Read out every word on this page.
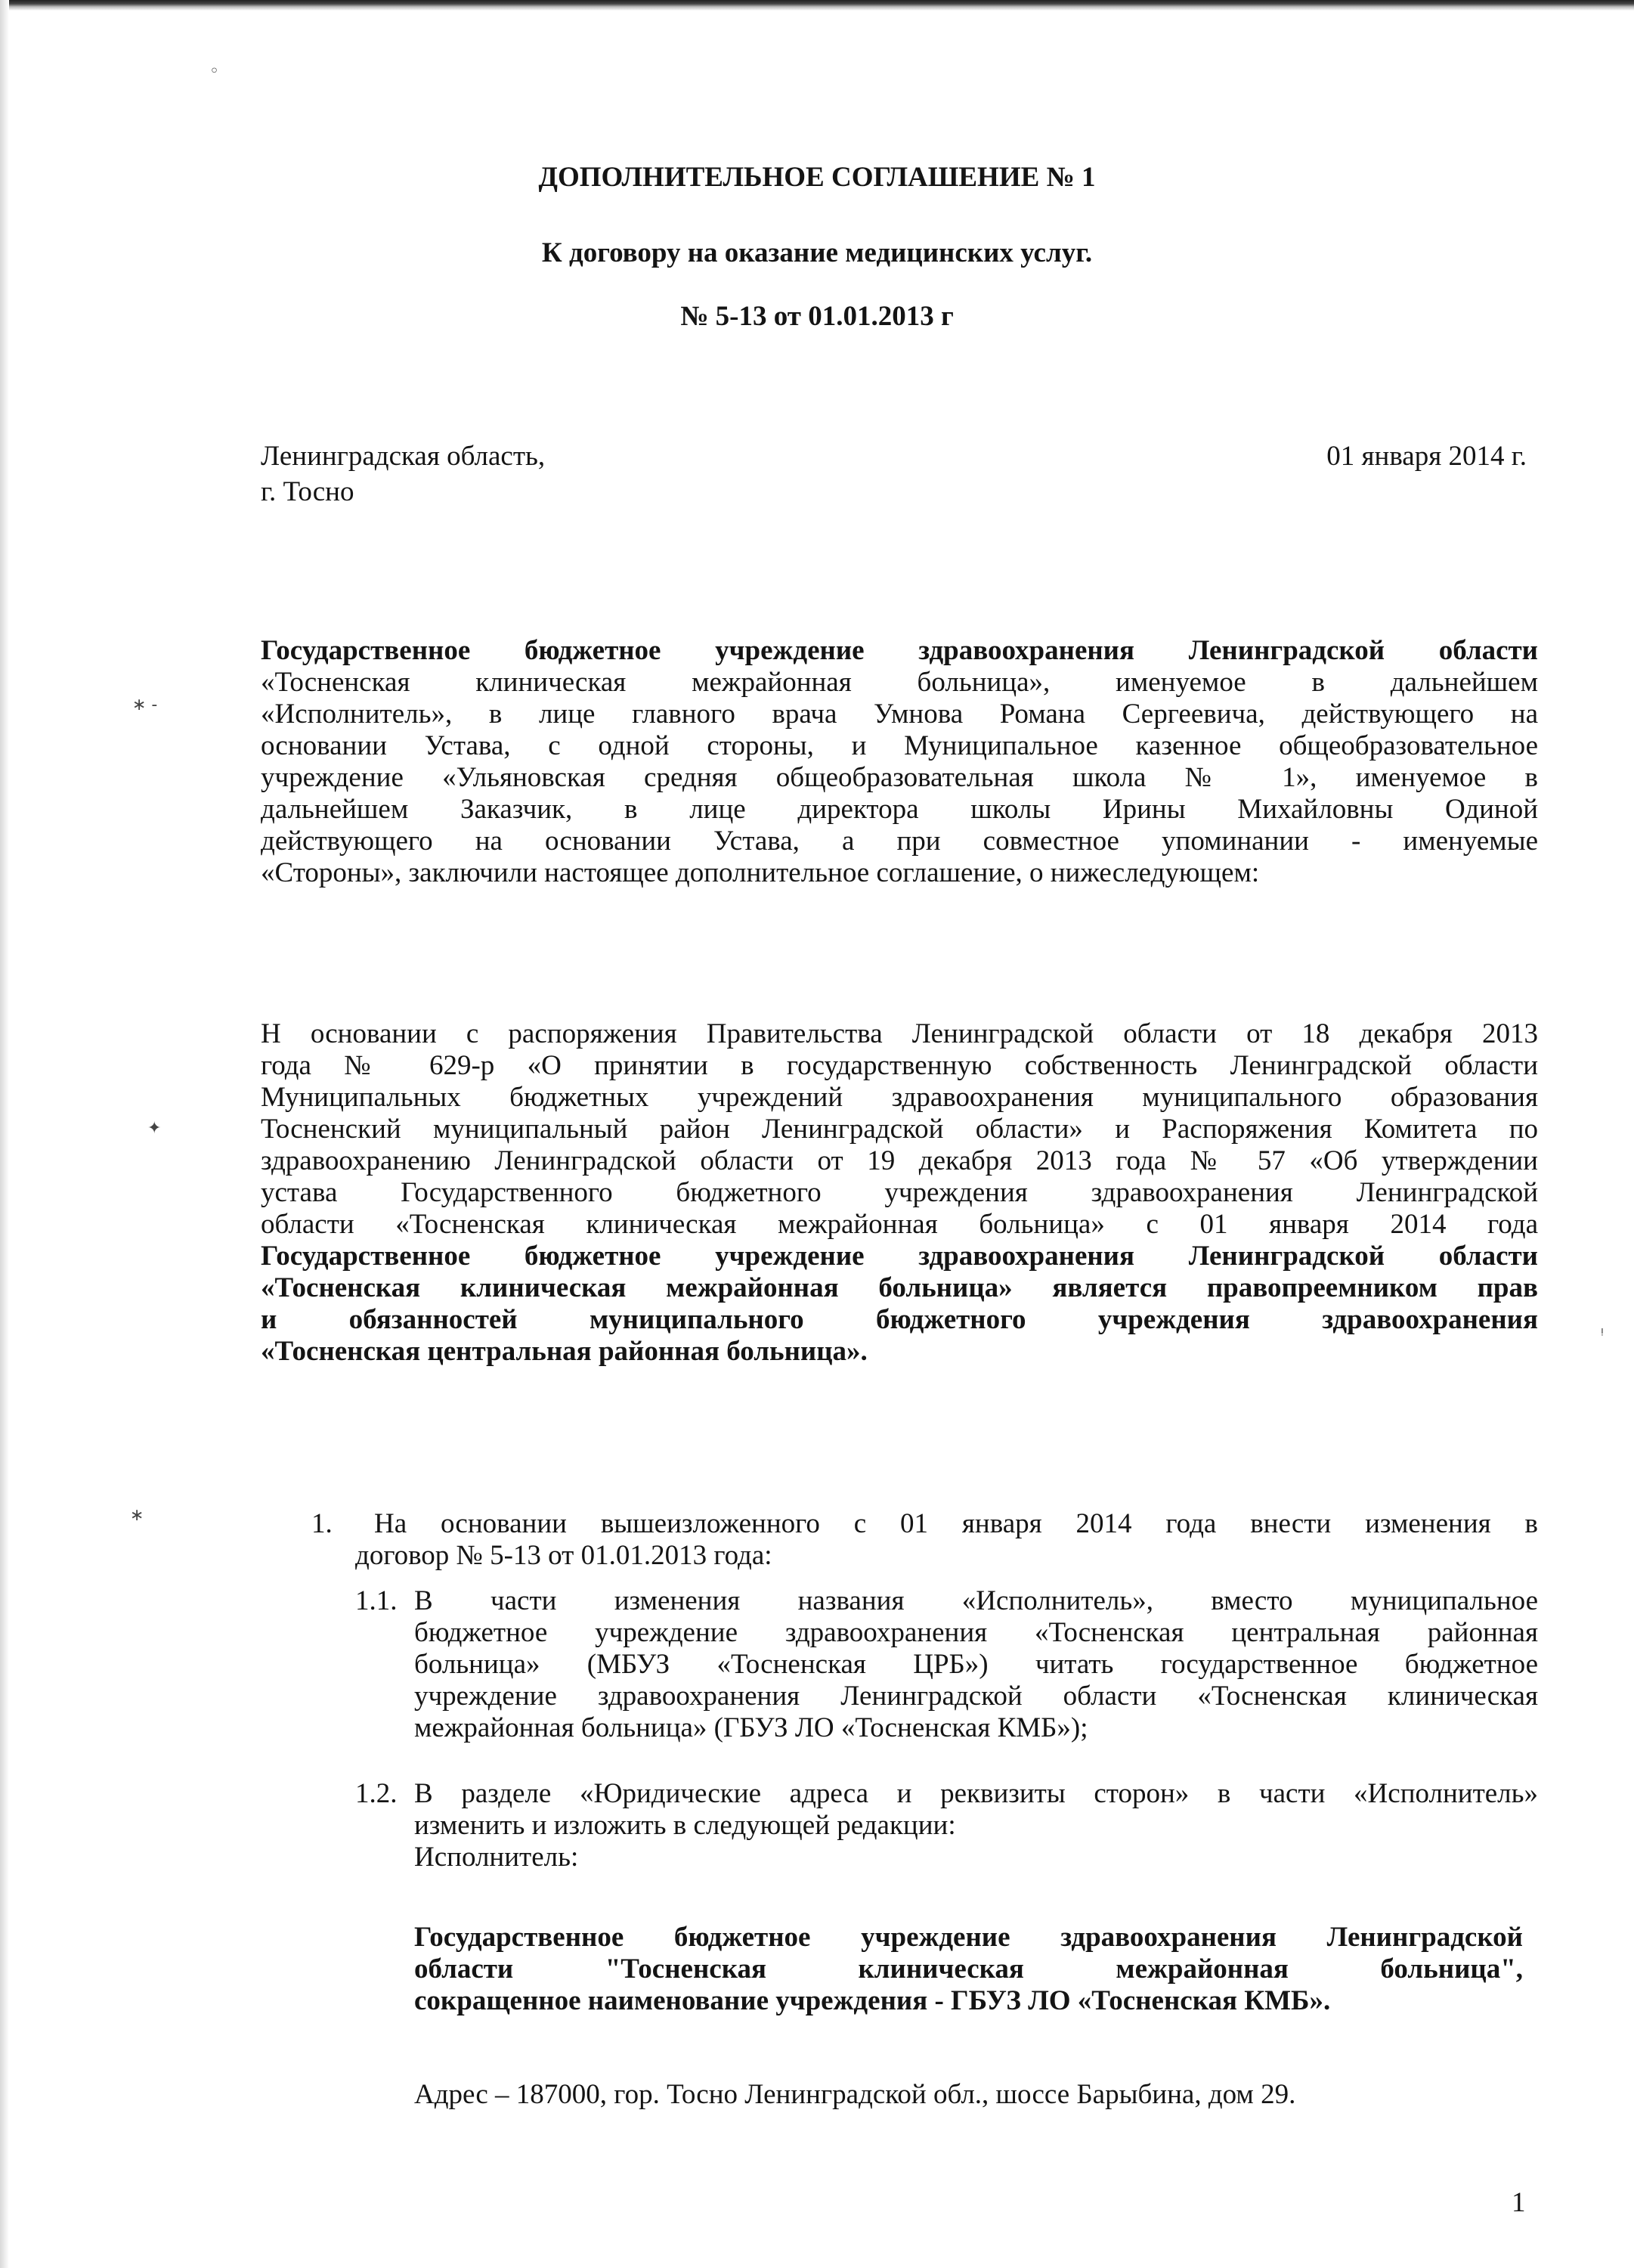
◦
∗ -
✦
∗
ᵎ
ДОПОЛНИТЕЛЬНОЕ СОГЛАШЕНИЕ № 1
К договору на оказание медицинских услуг.
№ 5-13 от 01.01.2013 г
Ленинградская область,
г. Тосно
01 января 2014 г.
Государственное бюджетное учреждение здравоохранения Ленинградской области
«Тосненская клиническая межрайонная больница», именуемое в дальнейшем
«Исполнитель», в лице главного врача Умнова Романа Сергеевича, действующего на
основании Устава, с одной стороны, и Муниципальное казенное общеобразовательное
учреждение «Ульяновская средняя общеобразовательная школа № 1», именуемое в
дальнейшем Заказчик, в лице директора школы Ирины Михайловны Одиной
действующего на основании Устава, а при совместное упоминании - именуемые
«Стороны», заключили настоящее дополнительное соглашение, о нижеследующем:
Н основании с распоряжения Правительства Ленинградской области от 18 декабря 2013
года № 629-р «О принятии в государственную собственность Ленинградской области
Муниципальных бюджетных учреждений здравоохранения муниципального образования
Тосненский муниципальный район Ленинградской области» и Распоряжения Комитета по
здравоохранению Ленинградской области от 19 декабря 2013 года № 57 «Об утверждении
устава Государственного бюджетного учреждения здравоохранения Ленинградской
области «Тосненская клиническая межрайонная больница» с 01 января 2014 года
Государственное бюджетное учреждение здравоохранения Ленинградской области
«Тосненская клиническая межрайонная больница» является правопреемником прав
и обязанностей муниципального бюджетного учреждения здравоохранения
«Тосненская центральная районная больница».
1. На основании вышеизложенного с 01 января 2014 года внести изменения в
договор № 5-13 от 01.01.2013 года:
1.1. В части изменения названия «Исполнитель», вместо муниципальное
бюджетное учреждение здравоохранения «Тосненская центральная районная
больница» (МБУЗ «Тосненская ЦРБ») читать государственное бюджетное
учреждение здравоохранения Ленинградской области «Тосненская клиническая
межрайонная больница» (ГБУЗ ЛО «Тосненская КМБ»);
1.2. В разделе «Юридические адреса и реквизиты сторон» в части «Исполнитель»
изменить и изложить в следующей редакции:
Исполнитель:
Государственное бюджетное учреждение здравоохранения Ленинградской
области "Тосненская клиническая межрайонная больница",
сокращенное наименование учреждения - ГБУЗ ЛО «Тосненская КМБ».
Адрес – 187000, гор. Тосно Ленинградской обл., шоссе Барыбина, дом 29.
1
